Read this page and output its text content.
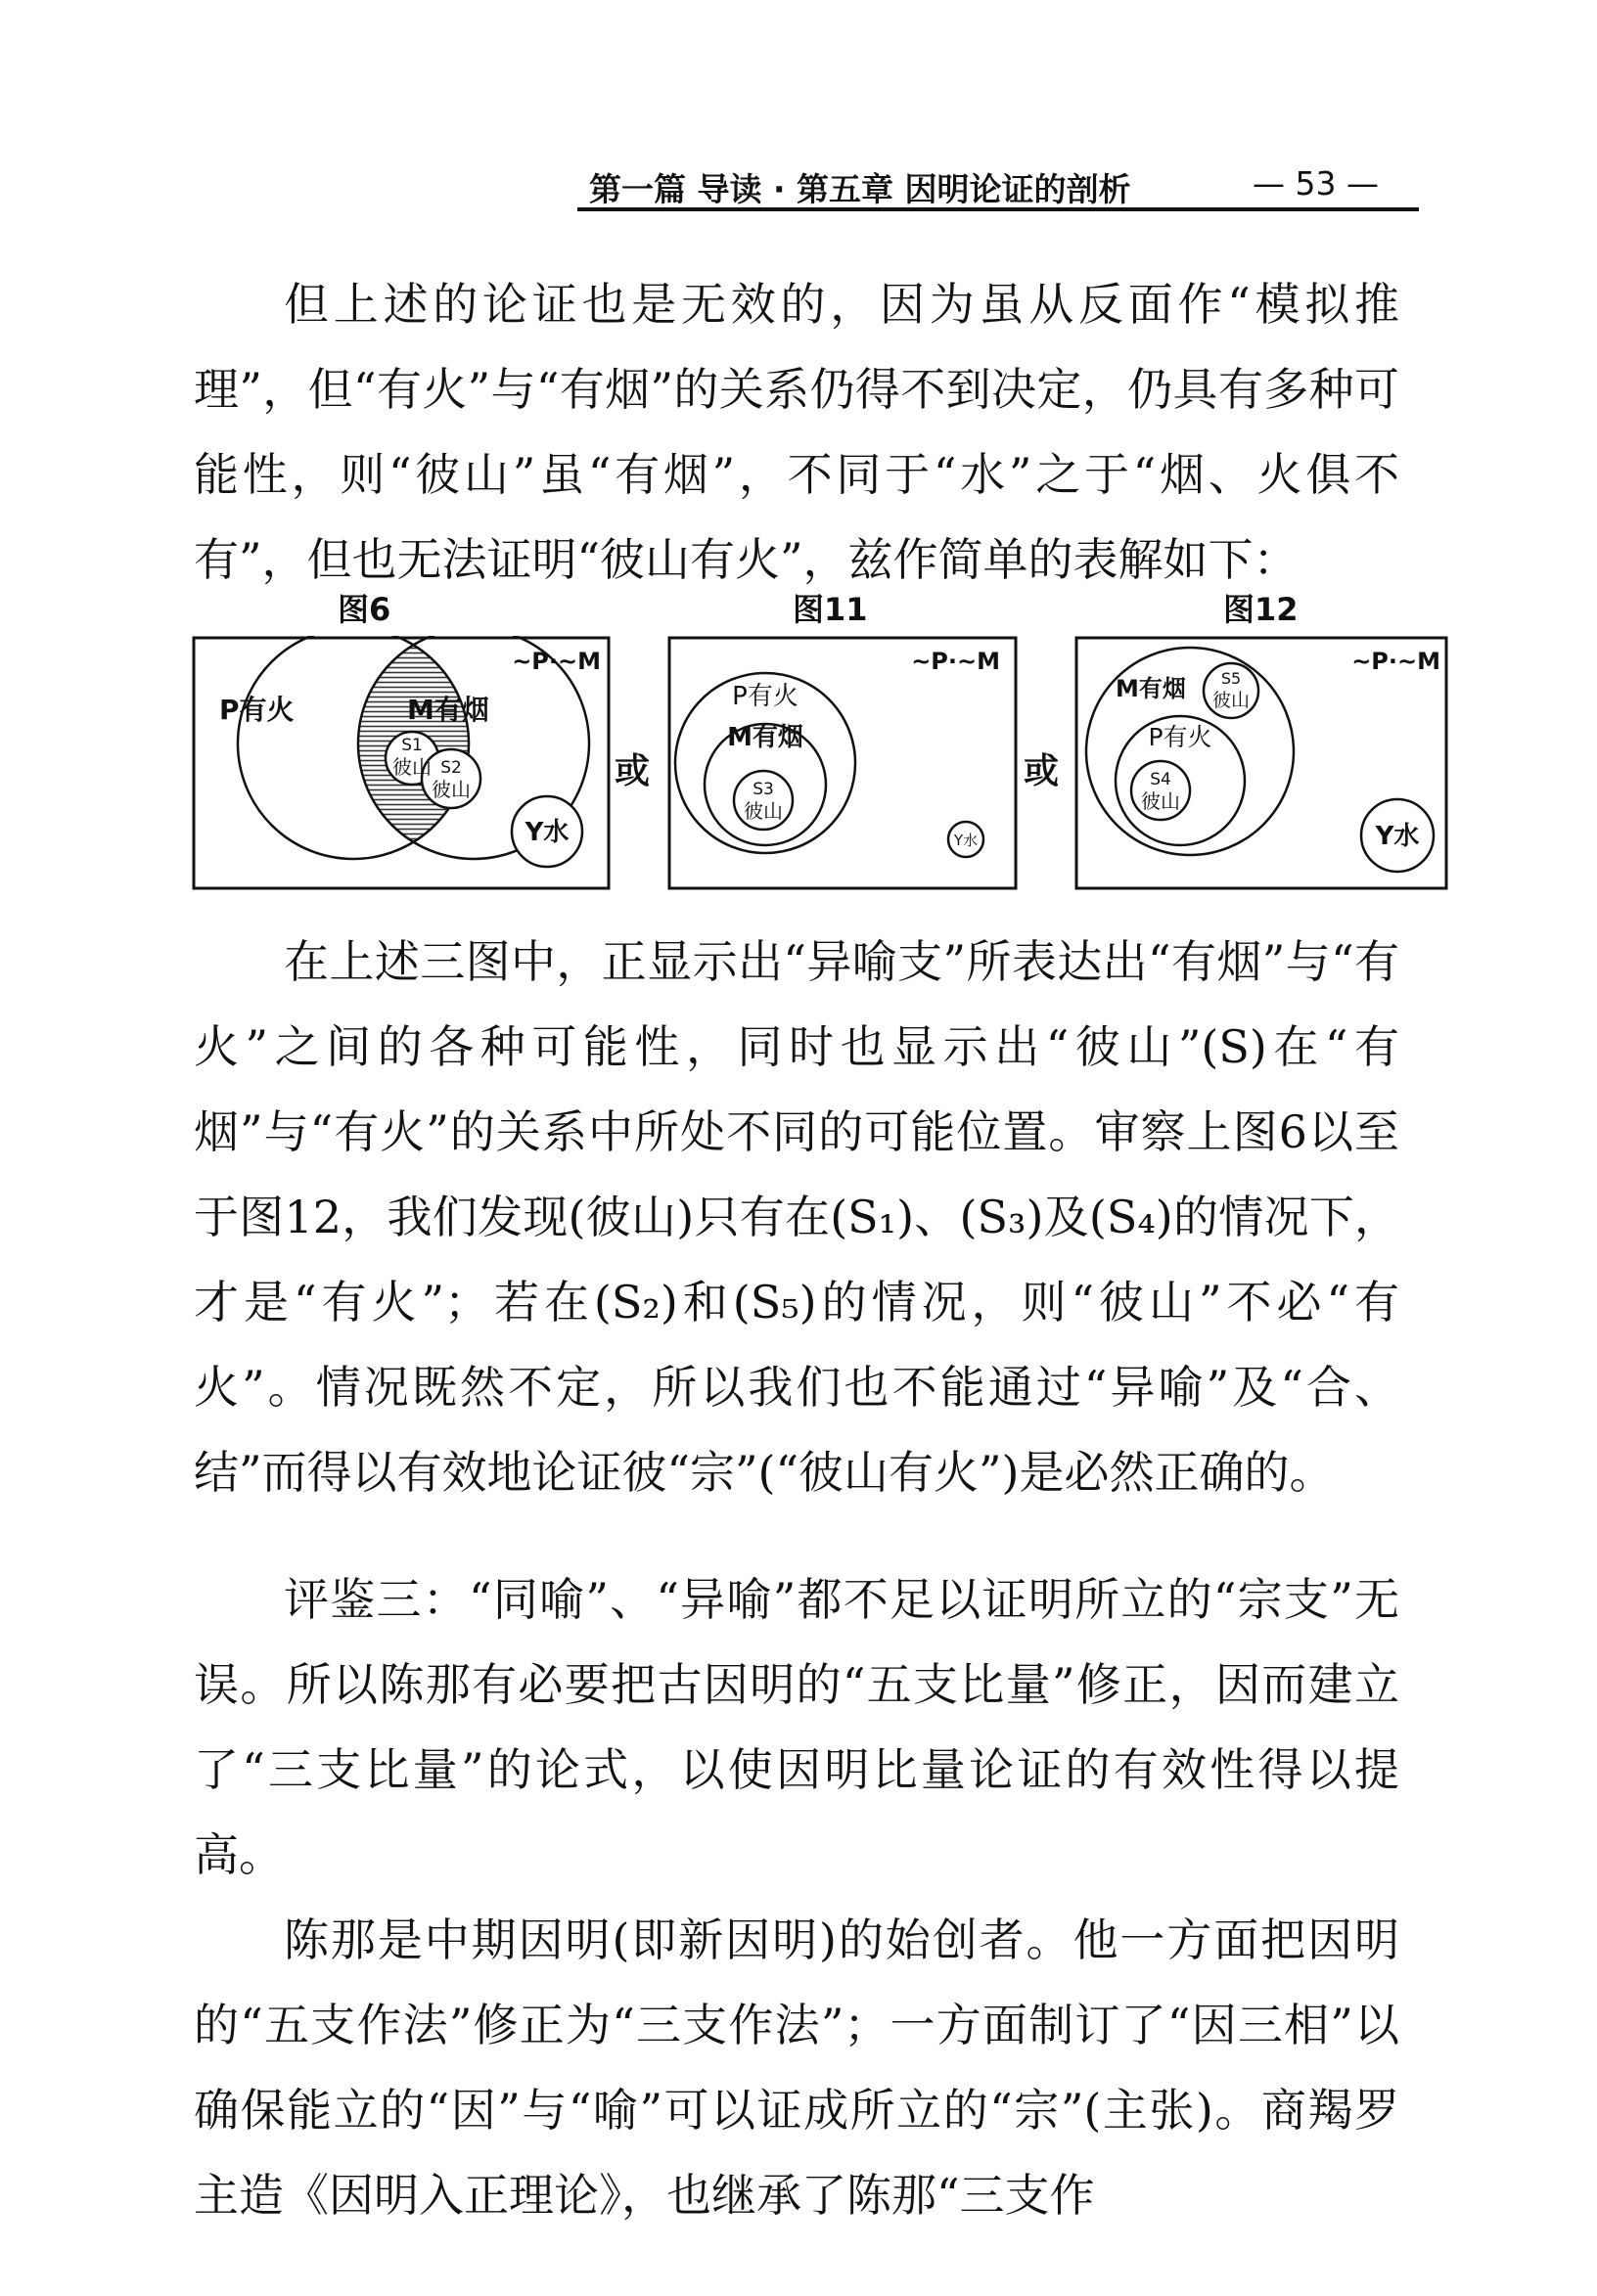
第一篇 导读 · 第五章 因明论证的剖析	— 53 —

但上述的论证也是无效的，因为虽从反面作“模拟推理”，但“有火”与“有烟”的关系仍得不到决定，仍具有多种可能性，则“彼山”虽“有烟”，不同于“水”之于“烟、火俱不有”，但也无法证明“彼山有火”，兹作简单的表解如下：

图6	图11	图12
~P·~M
P有火	M有烟
S1
彼山 S2
彼山
Y水
或
~P·~M
P有火
M有烟
S3
彼山
Y水
或
~P·~M
M有烟 S5
彼山
P有火
S4
彼山
Y水

在上述三图中，正显示出“异喻支”所表达出“有烟”与“有火”之间的各种可能性，同时也显示出“彼山”(S)在“有烟”与“有火”的关系中所处不同的可能位置。审察上图6以至于图12，我们发现(彼山)只有在(S₁)、(S₃)及(S₄)的情况下，才是“有火”；若在(S₂)和(S₅)的情况，则“彼山”不必“有火”。情况既然不定，所以我们也不能通过“异喻”及“合、结”而得以有效地论证彼“宗”(“彼山有火”)是必然正确的。

评鉴三：“同喻”、“异喻”都不足以证明所立的“宗支”无误。所以陈那有必要把古因明的“五支比量”修正，因而建立了“三支比量”的论式，以使因明比量论证的有效性得以提高。

陈那是中期因明(即新因明)的始创者。他一方面把因明的“五支作法”修正为“三支作法”；一方面制订了“因三相”以确保能立的“因”与“喻”可以证成所立的“宗”(主张)。商羯罗主造《因明入正理论》，也继承了陈那“三支作
